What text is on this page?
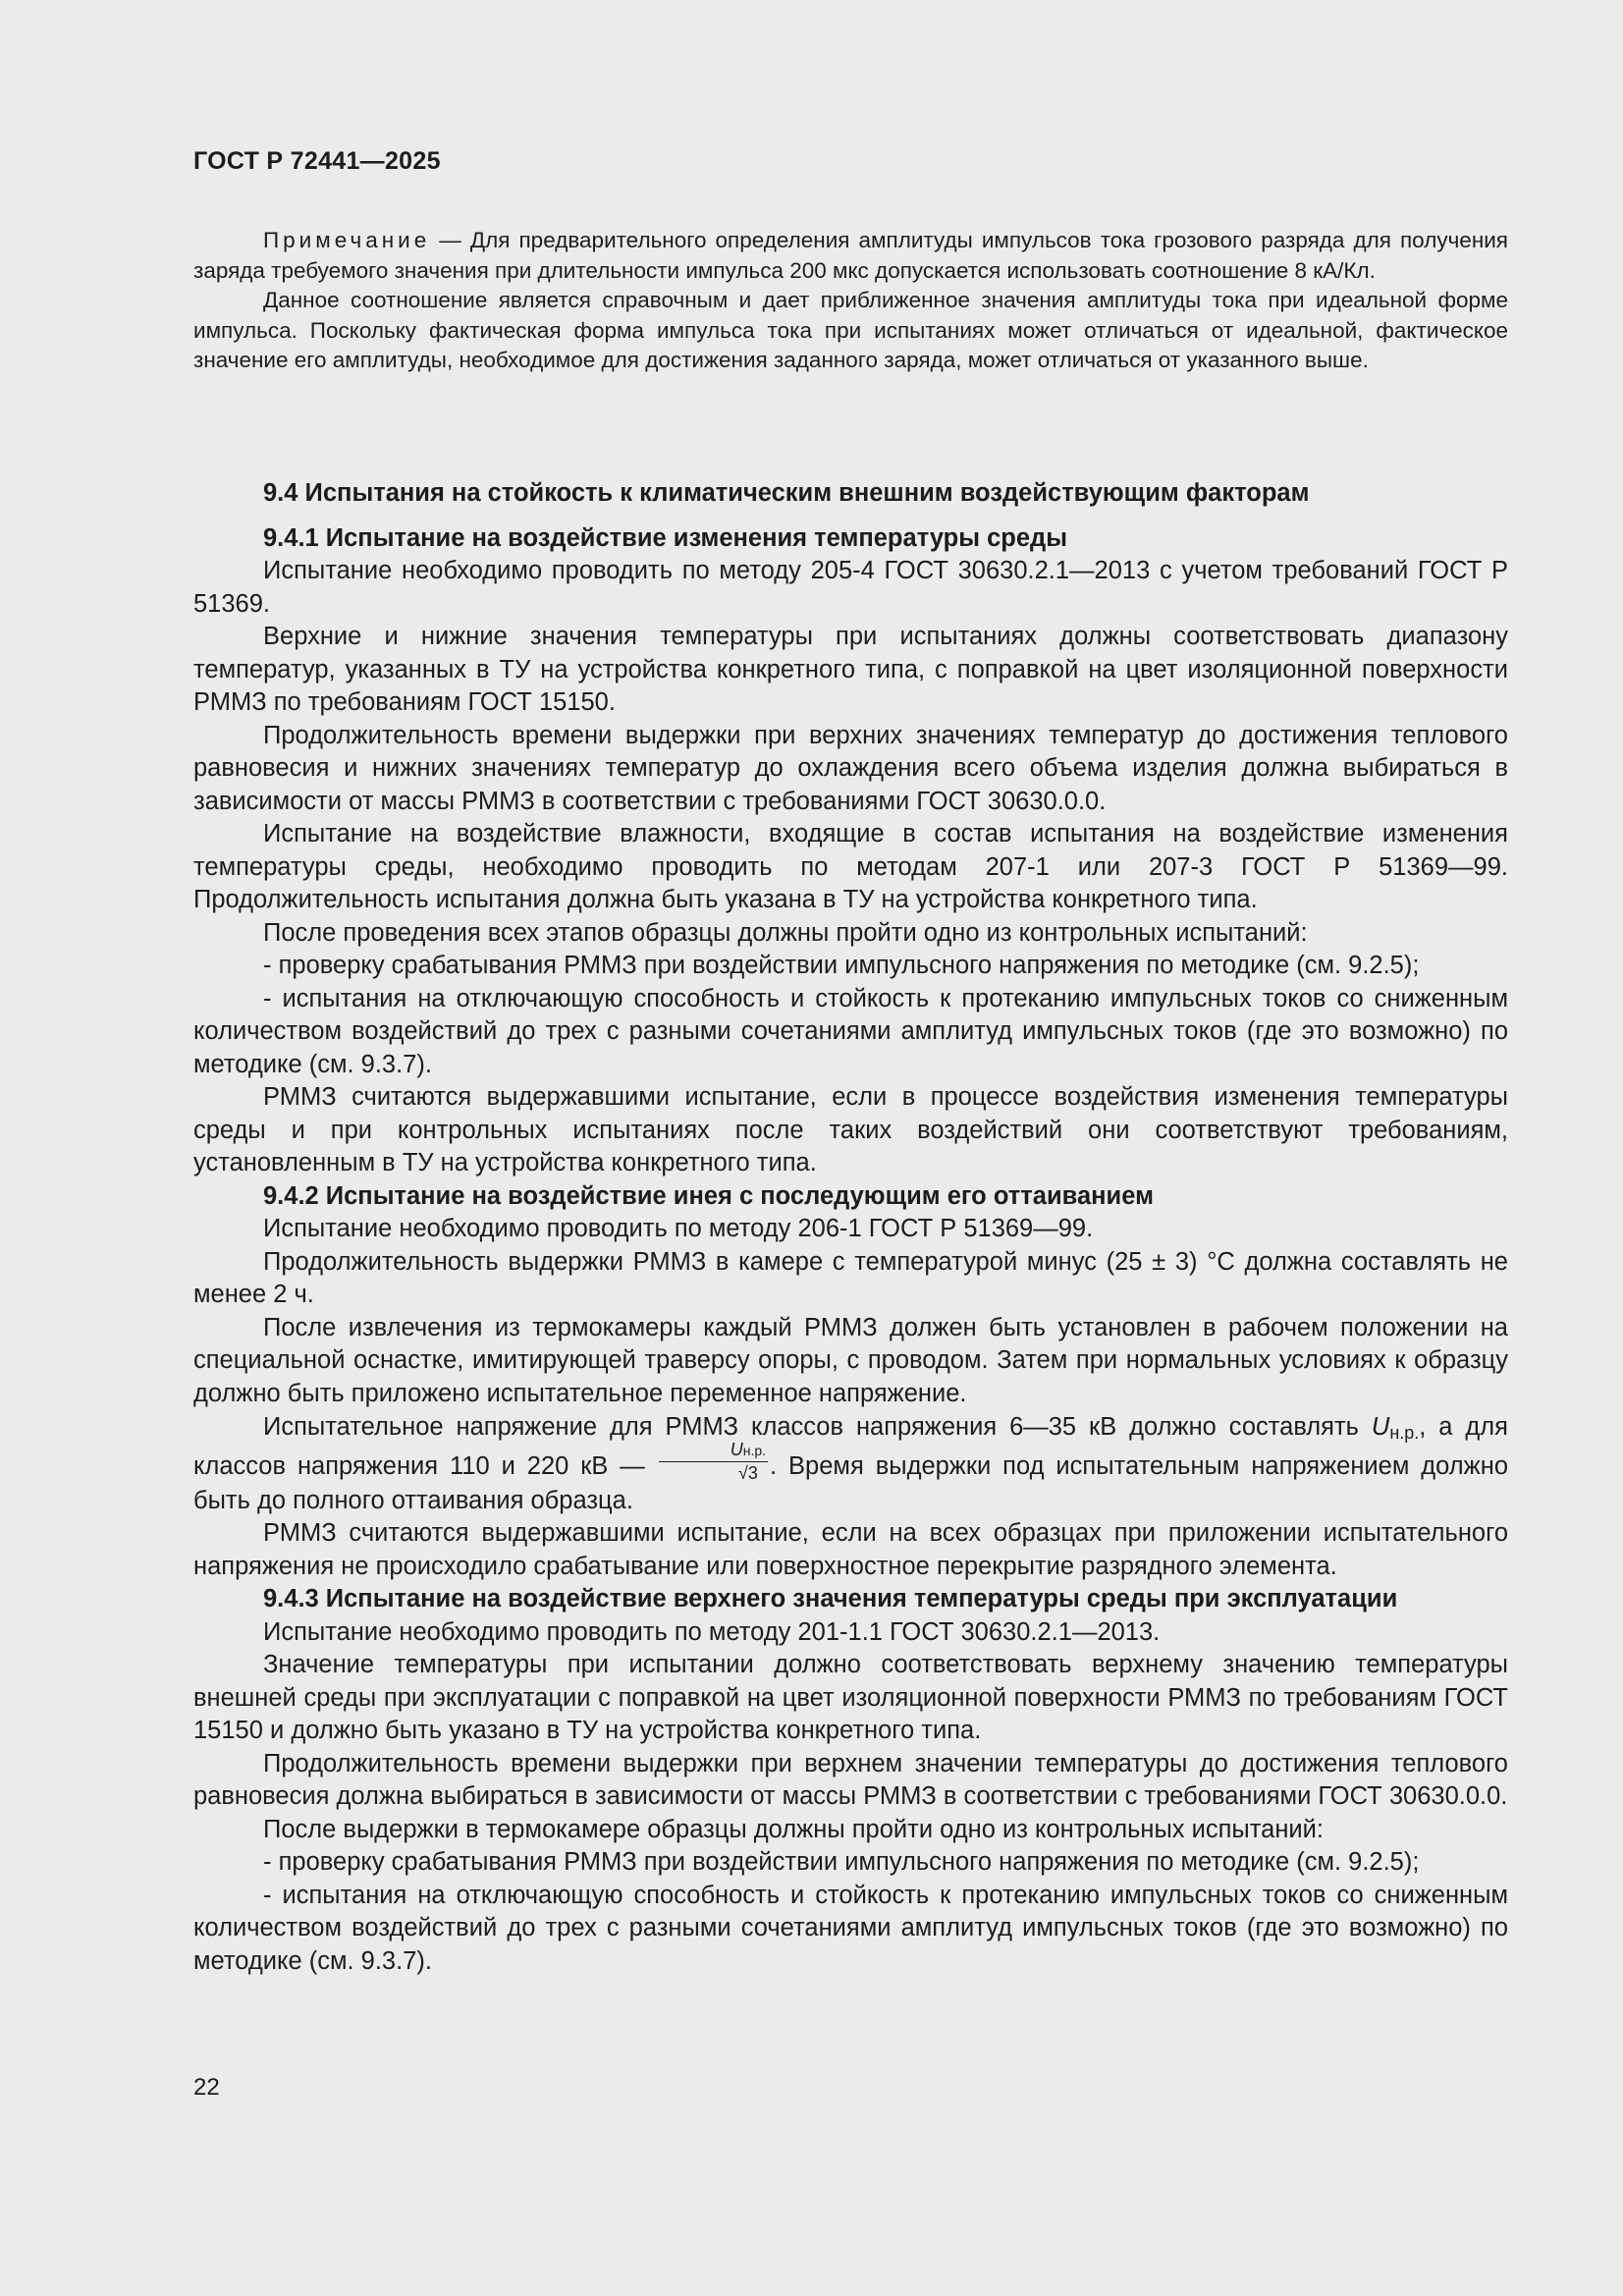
ГОСТ Р 72441—2025

Примечание — Для предварительного определения амплитуды импульсов тока грозового разряда для получения заряда требуемого значения при длительности импульса 200 мкс допускается использовать соотношение 8 кА/Кл.

Данное соотношение является справочным и дает приближенное значения амплитуды тока при идеальной форме импульса. Поскольку фактическая форма импульса тока при испытаниях может отличаться от идеальной, фактическое значение его амплитуды, необходимое для достижения заданного заряда, может отличаться от указанного выше.

9.4 Испытания на стойкость к климатическим внешним воздействующим факторам
9.4.1 Испытание на воздействие изменения температуры среды

Испытание необходимо проводить по методу 205-4 ГОСТ 30630.2.1—2013 с учетом требований ГОСТ Р 51369.

Верхние и нижние значения температуры при испытаниях должны соответствовать диапазону температур, указанных в ТУ на устройства конкретного типа, с поправкой на цвет изоляционной поверхности РММЗ по требованиям ГОСТ 15150.

Продолжительность времени выдержки при верхних значениях температур до достижения теплового равновесия и нижних значениях температур до охлаждения всего объема изделия должна выбираться в зависимости от массы РММЗ в соответствии с требованиями ГОСТ 30630.0.0.

Испытание на воздействие влажности, входящие в состав испытания на воздействие изменения температуры среды, необходимо проводить по методам 207-1 или 207-3 ГОСТ Р 51369—99. Продолжительность испытания должна быть указана в ТУ на устройства конкретного типа.

После проведения всех этапов образцы должны пройти одно из контрольных испытаний:

- проверку срабатывания РММЗ при воздействии импульсного напряжения по методике (см. 9.2.5);

- испытания на отключающую способность и стойкость к протеканию импульсных токов со сниженным количеством воздействий до трех с разными сочетаниями амплитуд импульсных токов (где это возможно) по методике (см. 9.3.7).

РММЗ считаются выдержавшими испытание, если в процессе воздействия изменения температуры среды и при контрольных испытаниях после таких воздействий они соответствуют требованиям, установленным в ТУ на устройства конкретного типа.

9.4.2 Испытание на воздействие инея с последующим его оттаиванием

Испытание необходимо проводить по методу 206-1 ГОСТ Р 51369—99.

Продолжительность выдержки РММЗ в камере с температурой минус (25 ± 3) °С должна составлять не менее 2 ч.

После извлечения из термокамеры каждый РММЗ должен быть установлен в рабочем положении на специальной оснастке, имитирующей траверсу опоры, с проводом. Затем при нормальных условиях к образцу должно быть приложено испытательное переменное напряжение.

Испытательное напряжение для РММЗ классов напряжения 6—35 кВ должно составлять $U_{н.р.}$, а для классов напряжения 110 и 220 кВ — $\frac{Uн.р.}{√3}$ . Время выдержки под испытательным напряжением должно быть до полного оттаивания образца.

РММЗ считаются выдержавшими испытание, если на всех образцах при приложении испытательного напряжения не происходило срабатывание или поверхностное перекрытие разрядного элемента.

9.4.3 Испытание на воздействие верхнего значения температуры среды при эксплуатации

Испытание необходимо проводить по методу 201-1.1 ГОСТ 30630.2.1—2013.

Значение температуры при испытании должно соответствовать верхнему значению температуры внешней среды при эксплуатации с поправкой на цвет изоляционной поверхности РММЗ по требованиям ГОСТ 15150 и должно быть указано в ТУ на устройства конкретного типа.

Продолжительность времени выдержки при верхнем значении температуры до достижения теплового равновесия должна выбираться в зависимости от массы РММЗ в соответствии с требованиями ГОСТ 30630.0.0.

После выдержки в термокамере образцы должны пройти одно из контрольных испытаний:

- проверку срабатывания РММЗ при воздействии импульсного напряжения по методике (см. 9.2.5);

- испытания на отключающую способность и стойкость к протеканию импульсных токов со сниженным количеством воздействий до трех с разными сочетаниями амплитуд импульсных токов (где это возможно) по методике (см. 9.3.7).

22
